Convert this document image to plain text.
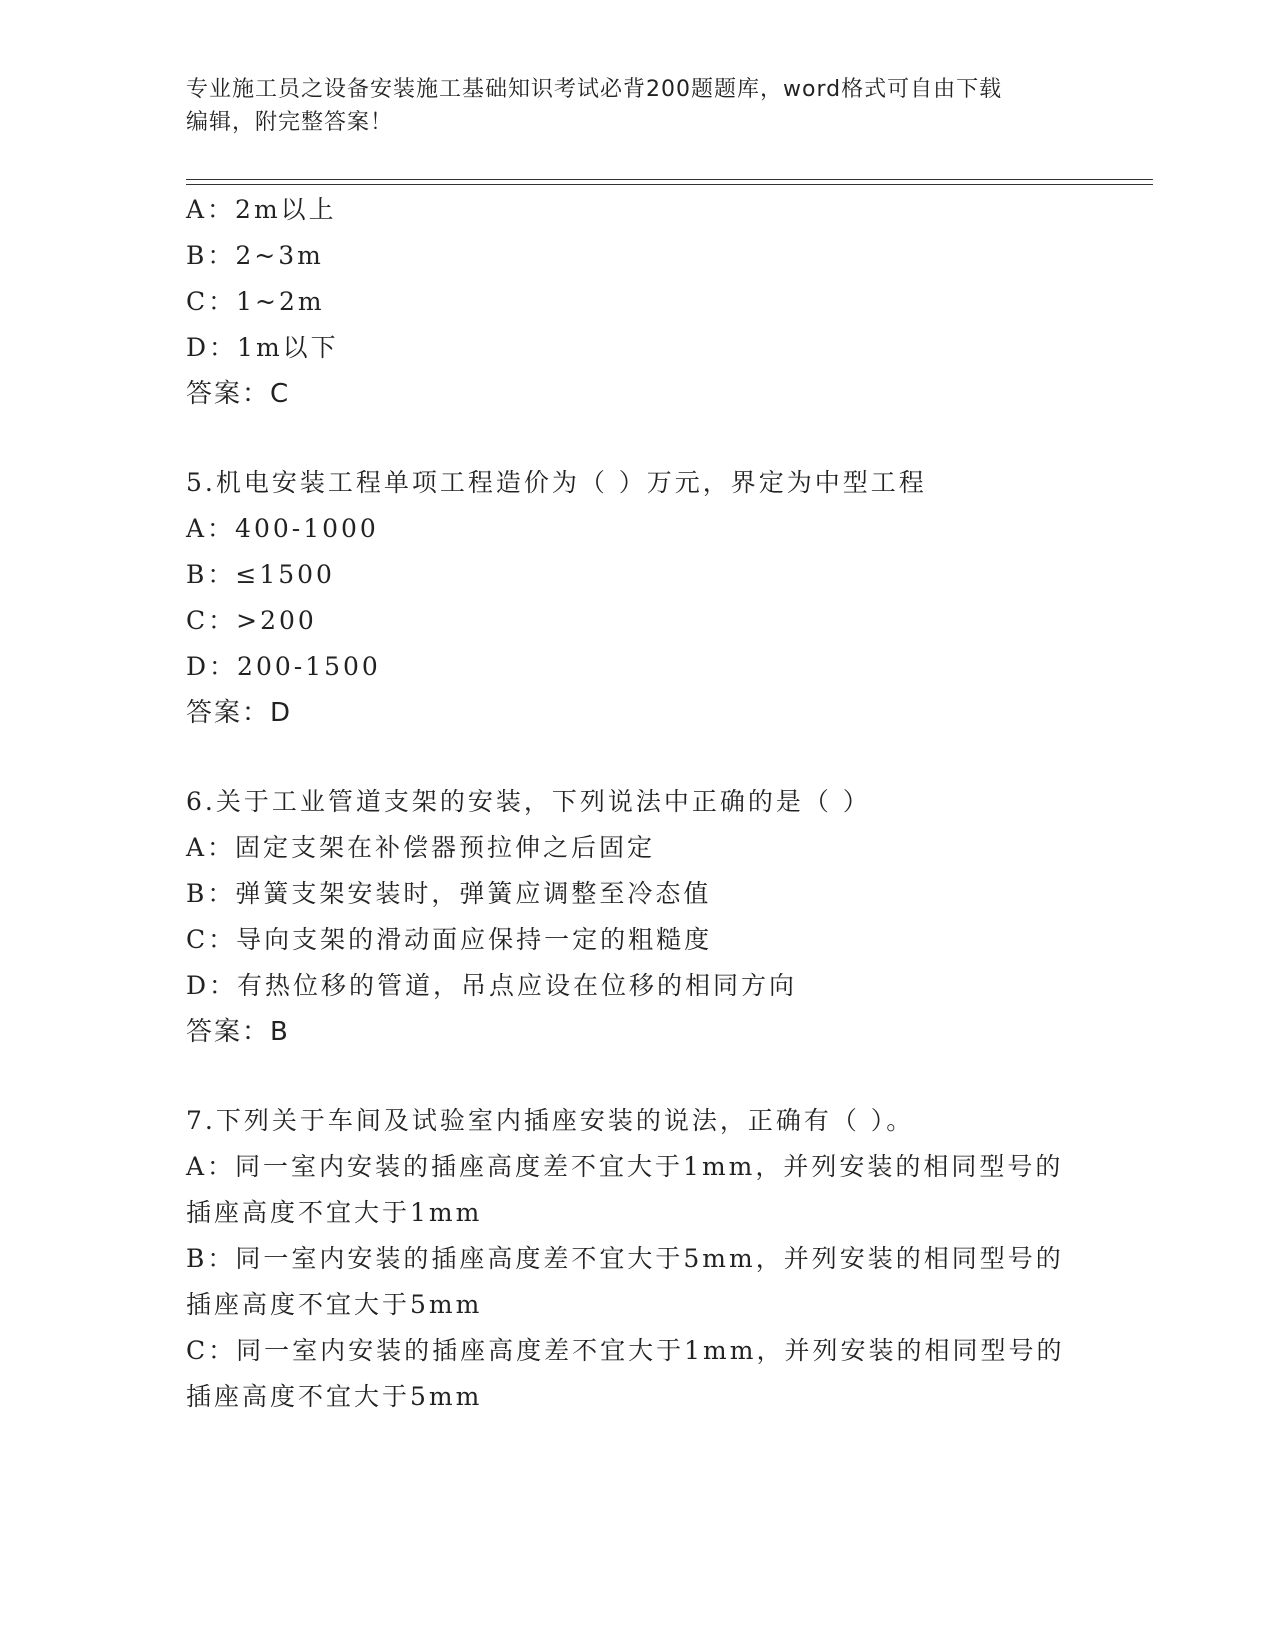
专业施工员之设备安装施工基础知识考试必背200题题库，word格式可自由下载
编辑，附完整答案！
A：2m以上
B：2~3m
C：1~2m
D：1m以下
答案：C
5.机电安装工程单项工程造价为（ ）万元，界定为中型工程
A：400-1000
B：≤1500
C：>200
D：200-1500
答案：D
6.关于工业管道支架的安装，下列说法中正确的是（ ）
A：固定支架在补偿器预拉伸之后固定
B：弹簧支架安装时，弹簧应调整至冷态值
C：导向支架的滑动面应保持一定的粗糙度
D：有热位移的管道，吊点应设在位移的相同方向
答案：B
7.下列关于车间及试验室内插座安装的说法，正确有（ ）。
A：同一室内安装的插座高度差不宜大于1mm，并列安装的相同型号的
插座高度不宜大于1mm
B：同一室内安装的插座高度差不宜大于5mm，并列安装的相同型号的
插座高度不宜大于5mm
C：同一室内安装的插座高度差不宜大于1mm，并列安装的相同型号的
插座高度不宜大于5mm
